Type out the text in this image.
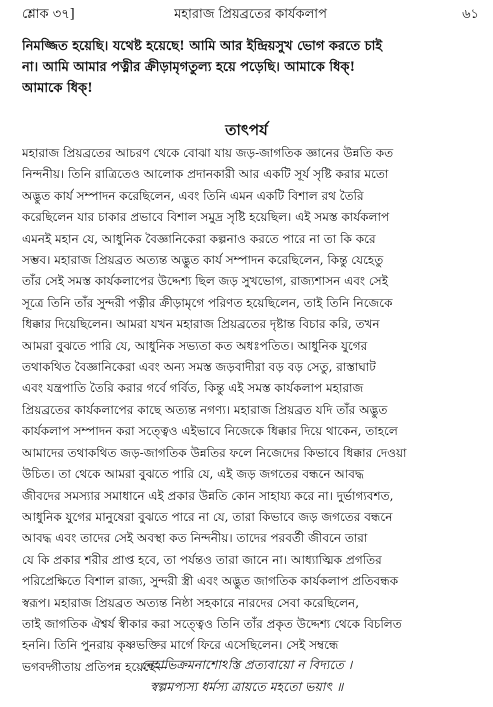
শ্লোক ৩৭]	মহারাজ প্রিয়ব্রতের কার্যকলাপ	৬১
নিমজ্জিত হয়েছি। যথেষ্ট হয়েছে! আমি আর ইন্দ্রিয়সুখ ভোগ করতে চাই
না। আমি আমার পত্নীর ক্রীড়ামৃগতুল্য হয়ে পড়েছি। আমাকে ধিক্!
আমাকে ধিক্!
তাৎপর্য
মহারাজ প্রিয়ব্রতের আচরণ থেকে বোঝা যায় জড়-জাগতিক জ্ঞানের উন্নতি কত
নিন্দনীয়। তিনি রাত্রিতেও আলোক প্রদানকারী আর একটি সূর্য সৃষ্টি করার মতো
অদ্ভুত কার্য সম্পাদন করেছিলেন, এবং তিনি এমন একটি বিশাল রথ তৈরি
করেছিলেন যার চাকার প্রভাবে বিশাল সমুদ্র সৃষ্টি হয়েছিল। এই সমস্ত কার্যকলাপ
এমনই মহান যে, আধুনিক বৈজ্ঞানিকেরা কল্পনাও করতে পারে না তা কি করে
সম্ভব। মহারাজ প্রিয়ব্রত অত্যন্ত অদ্ভুত কার্য সম্পাদন করেছিলেন, কিন্তু যেহেতু
তাঁর সেই সমস্ত কার্যকলাপের উদ্দেশ্য ছিল জড় সুখভোগ, রাজ্যশাসন এবং সেই
সূত্রে তিনি তাঁর সুন্দরী পত্নীর ক্রীড়ামৃগে পরিণত হয়েছিলেন, তাই তিনি নিজেকে
ধিক্কার দিয়েছিলেন। আমরা যখন মহারাজ প্রিয়ব্রতের দৃষ্টান্ত বিচার করি, তখন
আমরা বুঝতে পারি যে, আধুনিক সভ্যতা কত অধঃপতিত। আধুনিক যুগের
তথাকথিত বৈজ্ঞানিকেরা এবং অন্য সমস্ত জড়বাদীরা বড় বড় সেতু, রাস্তাঘাট
এবং যন্ত্রপাতি তৈরি করার গর্বে গর্বিত, কিন্তু এই সমস্ত কার্যকলাপ মহারাজ
প্রিয়ব্রতের কার্যকলাপের কাছে অত্যন্ত নগণ্য। মহারাজ প্রিয়ব্রত যদি তাঁর অদ্ভুত
কার্যকলাপ সম্পাদন করা সত্ত্বেও এইভাবে নিজেকে ধিক্কার দিয়ে থাকেন, তাহলে
আমাদের তথাকথিত জড়-জাগতিক উন্নতির ফলে নিজেদের কিভাবে ধিক্কার দেওয়া
উচিত। তা থেকে আমরা বুঝতে পারি যে, এই জড় জগতের বন্ধনে আবদ্ধ
জীবদের সমস্যার সমাধানে এই প্রকার উন্নতি কোন সাহায্য করে না। দুর্ভাগ্যবশত,
আধুনিক যুগের মানুষেরা বুঝতে পারে না যে, তারা কিভাবে জড় জগতের বন্ধনে
আবদ্ধ এবং তাদের সেই অবস্থা কত নিন্দনীয়। তাদের পরবর্তী জীবনে তারা
যে কি প্রকার শরীর প্রাপ্ত হবে, তা পর্যন্তও তারা জানে না। আধ্যাত্মিক প্রগতির
পরিপ্রেক্ষিতে বিশাল রাজ্য, সুন্দরী স্ত্রী এবং অদ্ভুত জাগতিক কার্যকলাপ প্রতিবন্ধক
স্বরূপ। মহারাজ প্রিয়ব্রত অত্যন্ত নিষ্ঠা সহকারে নারদের সেবা করেছিলেন,
তাই জাগতিক ঐশ্বর্য স্বীকার করা সত্ত্বেও তিনি তাঁর প্রকৃত উদ্দেশ্য থেকে বিচলিত
হননি। তিনি পুনরায় কৃষ্ণভক্তির মার্গে ফিরে এসেছিলেন। সেই সম্বন্ধে
ভগবদ্গীতায় প্রতিপন্ন হয়েছে—
নেহাভিক্রমনাশোঽস্তি প্রত্যবায়ো ন বিদ্যতে ।
স্বল্পমপ্যস্য ধর্মস্য ত্রায়তে মহতো ভয়াৎ ॥
